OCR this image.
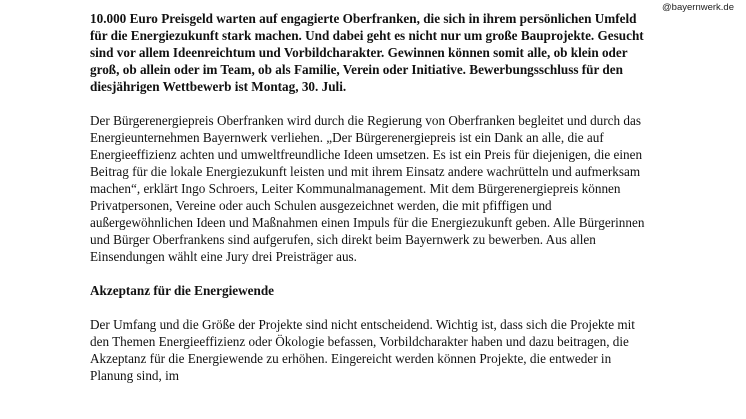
@bayernwerk.de

10.000 Euro Preisgeld warten auf engagierte Oberfranken, die sich in ihrem persönlichen Umfeld für die Energiezukunft stark machen. Und dabei geht es nicht nur um große Bauprojekte. Gesucht sind vor allem Ideenreichtum und Vorbildcharakter. Gewinnen können somit alle, ob klein oder groß, ob allein oder im Team, ob als Familie, Verein oder Initiative. Bewerbungsschluss für den diesjährigen Wettbewerb ist Montag, 30. Juli.

Der Bürgerenergiepreis Oberfranken wird durch die Regierung von Oberfranken begleitet und durch das Energieunternehmen Bayernwerk verliehen. „Der Bürgerenergiepreis ist ein Dank an alle, die auf Energieeffizienz achten und umweltfreundliche Ideen umsetzen. Es ist ein Preis für diejenigen, die einen Beitrag für die lokale Energiezukunft leisten und mit ihrem Einsatz andere wachrütteln und aufmerksam machen“, erklärt Ingo Schroers, Leiter Kommunalmanagement. Mit dem Bürgerenergiepreis können Privatpersonen, Vereine oder auch Schulen ausgezeichnet werden, die mit pfiffigen und außergewöhnlichen Ideen und Maßnahmen einen Impuls für die Energiezukunft geben. Alle Bürgerinnen und Bürger Oberfrankens sind aufgerufen, sich direkt beim Bayernwerk zu bewerben. Aus allen Einsendungen wählt eine Jury drei Preisträger aus.

Akzeptanz für die Energiewende

Der Umfang und die Größe der Projekte sind nicht entscheidend. Wichtig ist, dass sich die Projekte mit den Themen Energieeffizienz oder Ökologie befassen, Vorbildcharakter haben und dazu beitragen, die Akzeptanz für die Energiewende zu erhöhen. Eingereicht werden können Projekte, die entweder in Planung sind, im
